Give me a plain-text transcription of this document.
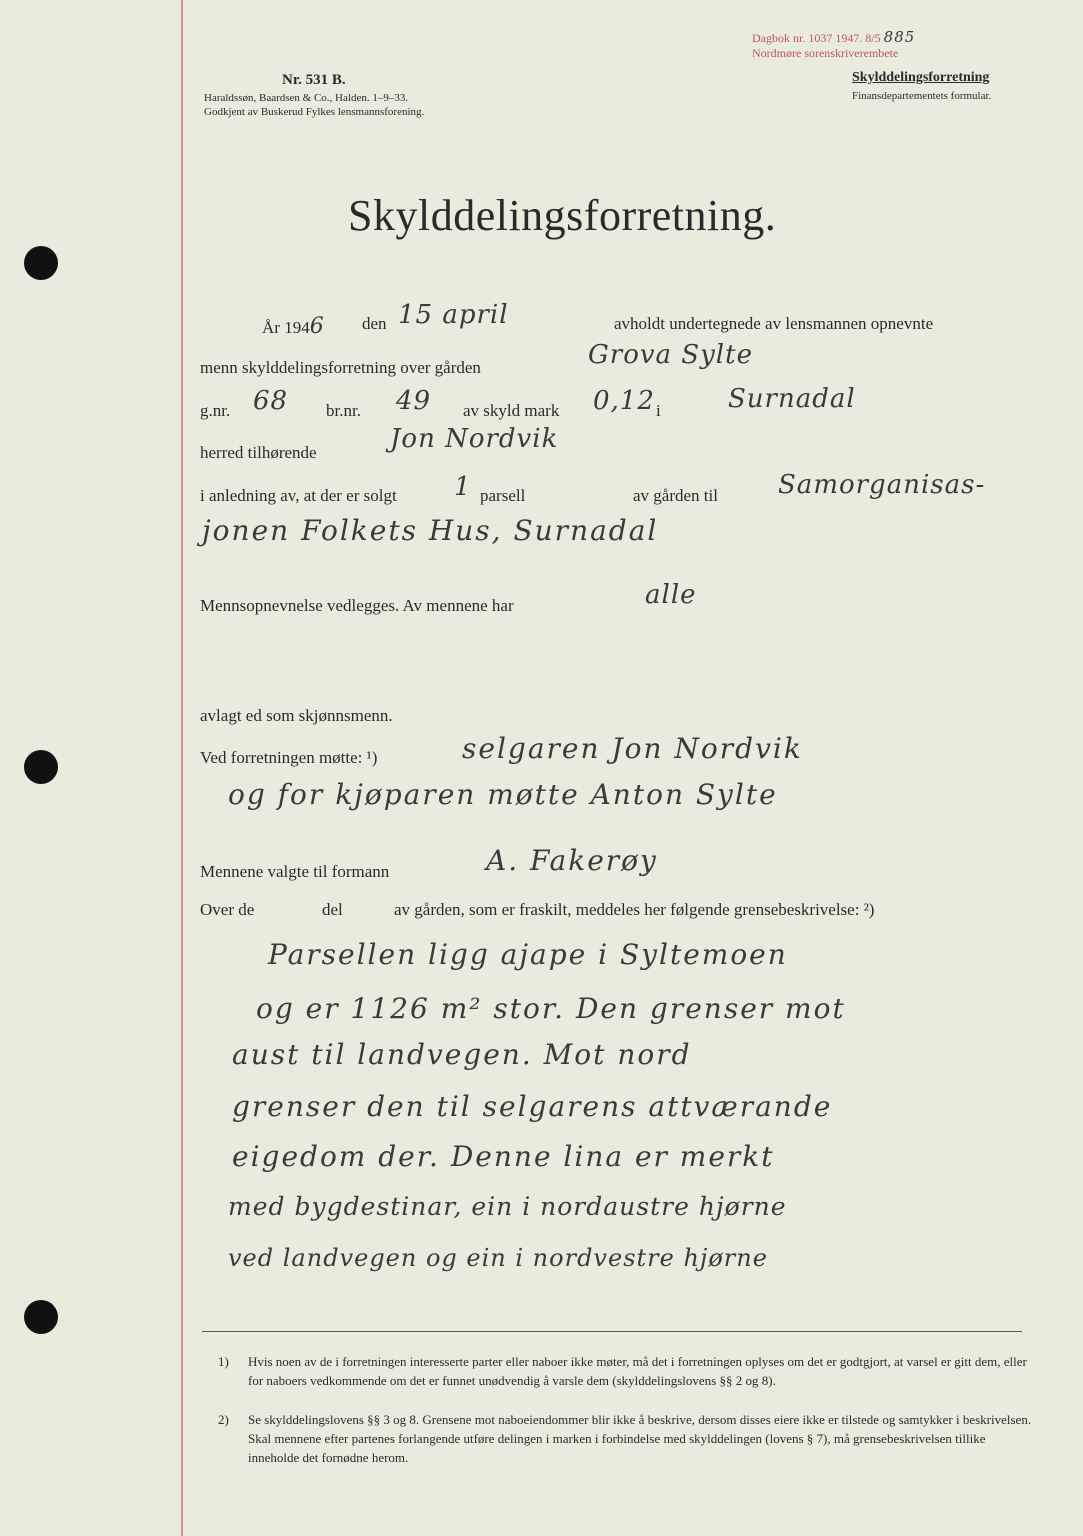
Nr. 531 B.
Haraldssøn, Baardsen & Co., Halden. 1–9–33.
Godkjent av Buskerud Fylkes lensmannsforening.
Dagbok nr. 1037 1947. 8/5 885
Nordmøre sorenskriverembete
Skylddelingsforretning
Finansdepartementets formular.
Skylddelingsforretning.
År 1946 den 15 april	avholdt undertegnede av lensmannen opnevnte
menn skylddelingsforretning over gården	Grova Sylte
g.nr. 68 br.nr. 49 av skyld mark 0,12 i	Surnadal
herred tilhørende	Jon Nordvik
i anledning av, at der er solgt 1 parsell	av gården til Samorganisas-
jonen Folkets Hus, Surnadal
Mennsopnevnelse vedlegges. Av mennene har	alle
avlagt ed som skjønnsmenn.
Ved forretningen møtte: ¹)	selgaren Jon Nordvik
og for kjøparen møtte Anton Sylte
Mennene valgte til formann	A. Fakerøy
Over de	del	av gården, som er fraskilt, meddeles her følgende grensebeskrivelse: ²)
Parsellen ligg ajape i Syltemoen
og er 1126 m² stor. Den grenser mot
aust til landvegen. Mot nord
grenser den til selgarens attværande
eigedom der. Denne lina er merkt
med bygdestinar, ein i nordaustre hjørne
ved landvegen og ein i nordvestre hjørne
1) Hvis noen av de i forretningen interesserte parter eller naboer ikke møter, må det i forretningen oplyses om det er godtgjort, at varsel er gitt dem, eller for naboers vedkommende om det er funnet unødvendig å varsle dem (skylddelingslovens §§ 2 og 8).
2) Se skylddelingslovens §§ 3 og 8. Grensene mot naboeiendommer blir ikke å beskrive, dersom disses eiere ikke er tilstede og samtykker i beskrivelsen. Skal mennene efter partenes forlangende utføre delingen i marken i forbindelse med skylddelingen (lovens § 7), må grensebeskrivelsen tillike inneholde det fornødne herom.
